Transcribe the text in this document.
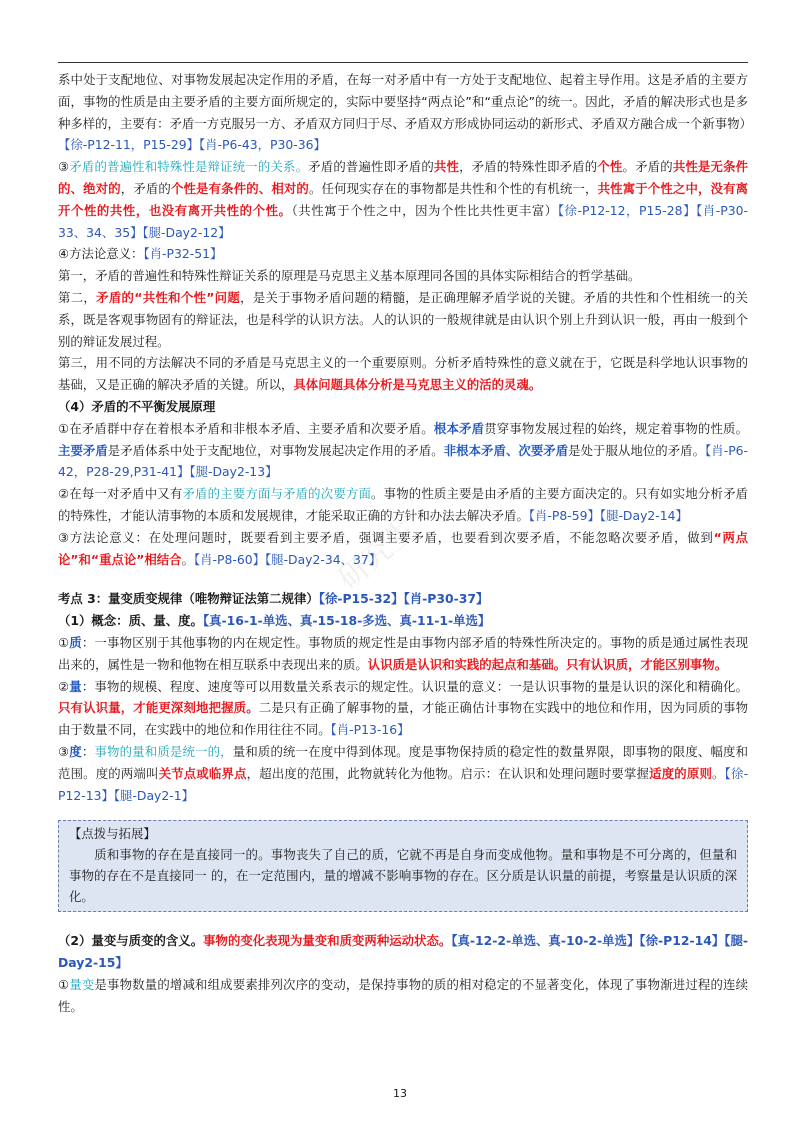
研究生

系中处于支配地位、对事物发展起决定作用的矛盾，在每一对矛盾中有一方处于支配地位、起着主导作用。这是矛盾的主要方面，事物的性质是由主要矛盾的主要方面所规定的，实际中要坚持“两点论”和“重点论”的统一。因此，矛盾的解决形式也是多种多样的，主要有：矛盾一方克服另一方、矛盾双方同归于尽、矛盾双方形成协同运动的新形式、矛盾双方融合成一个新事物）【徐-P12-11，P15-29】【肖-P6-43，P30-36】

③矛盾的普遍性和特殊性是辩证统一的关系。矛盾的普遍性即矛盾的共性，矛盾的特殊性即矛盾的个性。矛盾的共性是无条件的、绝对的，矛盾的个性是有条件的、相对的。任何现实存在的事物都是共性和个性的有机统一，共性寓于个性之中，没有离开个性的共性，也没有离开共性的个性。（共性寓于个性之中，因为个性比共性更丰富）【徐-P12-12，P15-28】【肖-P30-33、34、35】【腿-Day2-12】

④方法论意义：【肖-P32-51】

第一，矛盾的普遍性和特殊性辩证关系的原理是马克思主义基本原理同各国的具体实际相结合的哲学基础。

第二，矛盾的“共性和个性”问题，是关于事物矛盾问题的精髓，是正确理解矛盾学说的关键。矛盾的共性和个性相统一的关系，既是客观事物固有的辩证法，也是科学的认识方法。人的认识的一般规律就是由认识个别上升到认识一般，再由一般到个别的辩证发展过程。

第三，用不同的方法解决不同的矛盾是马克思主义的一个重要原则。分析矛盾特殊性的意义就在于，它既是科学地认识事物的基础，又是正确的解决矛盾的关键。所以，具体问题具体分析是马克思主义的活的灵魂。

（4）矛盾的不平衡发展原理

①在矛盾群中存在着根本矛盾和非根本矛盾、主要矛盾和次要矛盾。根本矛盾贯穿事物发展过程的始终，规定着事物的性质。主要矛盾是矛盾体系中处于支配地位，对事物发展起决定作用的矛盾。非根本矛盾、次要矛盾是处于服从地位的矛盾。【肖-P6-42，P28-29,P31-41】【腿-Day2-13】

②在每一对矛盾中又有矛盾的主要方面与矛盾的次要方面。事物的性质主要是由矛盾的主要方面决定的。只有如实地分析矛盾的特殊性，才能认清事物的本质和发展规律，才能采取正确的方针和办法去解决矛盾。【肖-P8-59】【腿-Day2-14】

③方法论意义：在处理问题时，既要看到主要矛盾，强调主要矛盾，也要看到次要矛盾，不能忽略次要矛盾，做到“两点论”和“重点论”相结合。【肖-P8-60】【腿-Day2-34、37】

考点 3：量变质变规律（唯物辩证法第二规律）【徐-P15-32】【肖-P30-37】

（1）概念：质、量、度。【真-16-1-单选、真-15-18-多选、真-11-1-单选】

①质：一事物区别于其他事物的内在规定性。事物质的规定性是由事物内部矛盾的特殊性所决定的。事物的质是通过属性表现出来的，属性是一物和他物在相互联系中表现出来的质。认识质是认识和实践的起点和基础。只有认识质，才能区别事物。

②量：事物的规模、程度、速度等可以用数量关系表示的规定性。认识量的意义：一是认识事物的量是认识的深化和精确化。只有认识量，才能更深刻地把握质。二是只有正确了解事物的量，才能正确估计事物在实践中的地位和作用，因为同质的事物由于数量不同，在实践中的地位和作用往往不同。【肖-P13-16】

③度：事物的量和质是统一的，量和质的统一在度中得到体现。度是事物保持质的稳定性的数量界限，即事物的限度、幅度和范围。度的两端叫关节点或临界点，超出度的范围，此物就转化为他物。启示：在认识和处理问题时要掌握适度的原则。【徐-P12-13】【腿-Day2-1】

【点拨与拓展】

　　质和事物的存在是直接同一的。事物丧失了自己的质，它就不再是自身而变成他物。量和事物是不可分离的，但量和事物的存在不是直接同一 的，在一定范围内，量的增减不影响事物的存在。区分质是认识量的前提，考察量是认识质的深化。

（2）量变与质变的含义。事物的变化表现为量变和质变两种运动状态。【真-12-2-单选、真-10-2-单选】【徐-P12-14】【腿-Day2-15】

①量变是事物数量的增减和组成要素排列次序的变动，是保持事物的质的相对稳定的不显著变化，体现了事物渐进过程的连续性。

13
